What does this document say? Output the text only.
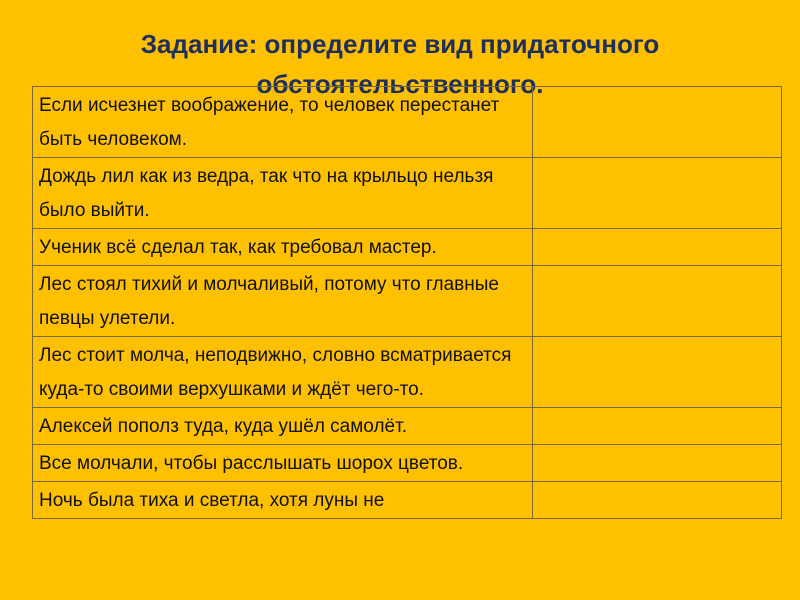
Задание: определите вид придаточного
обстоятельственного.
Если исчезнет воображение, то человек перестанет быть человеком.	
Дождь лил как из ведра, так что на крыльцо нельзя было выйти.	
Ученик всё сделал так, как требовал мастер.	
Лес стоял тихий и молчаливый, потому что главные певцы улетели.	
Лес стоит молча, неподвижно, словно всматривается куда-то своими верхушками и ждёт чего-то.	
Алексей пополз туда, куда ушёл самолёт.	
Все молчали, чтобы расслышать шорох цветов.	
Ночь была тиха и светла, хотя луны не	
